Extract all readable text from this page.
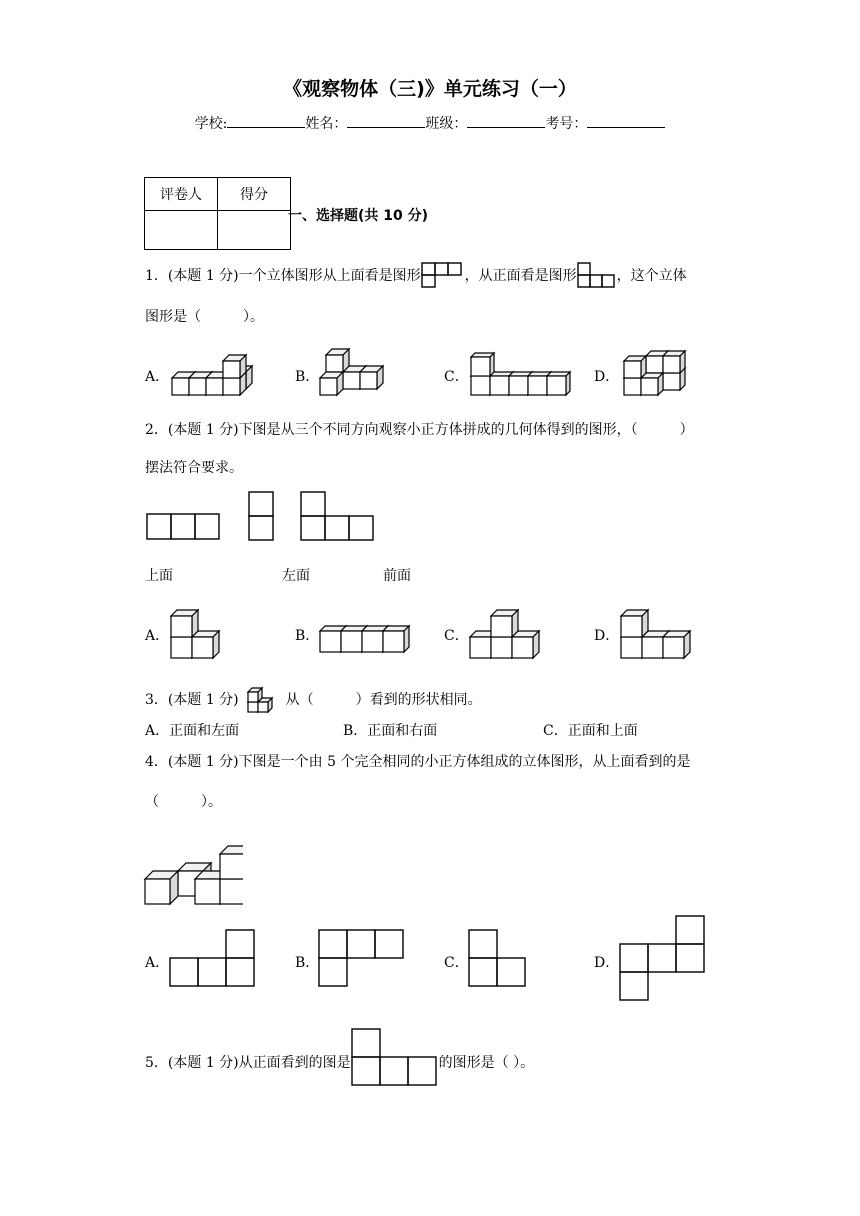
《观察物体（三)》单元练习（一）
学校:	姓名：	班级：	考号：
评卷人	得分

一、选择题(共 10 分)
1．(本题 1 分)一个立体图形从上面看是图形	，从正面看是图形	，这个立体
图形是（　　　）。
A．	B．	C．	D．
2．(本题 1 分)下图是从三个不同方向观察小正方体拼成的几何体得到的图形，（　　　）
摆法符合要求。
上面	左面	前面
A．	B．	C．	D．
3．(本题 1 分)	从（　　　）看到的形状相同。
A．正面和左面	B．正面和右面	C．正面和上面
4．(本题 1 分)下图是一个由 5 个完全相同的小正方体组成的立体图形，从上面看到的是
（　　　）。
A．	B．	C．	D．
5．(本题 1 分)从正面看到的图是	的图形是（ ）。
